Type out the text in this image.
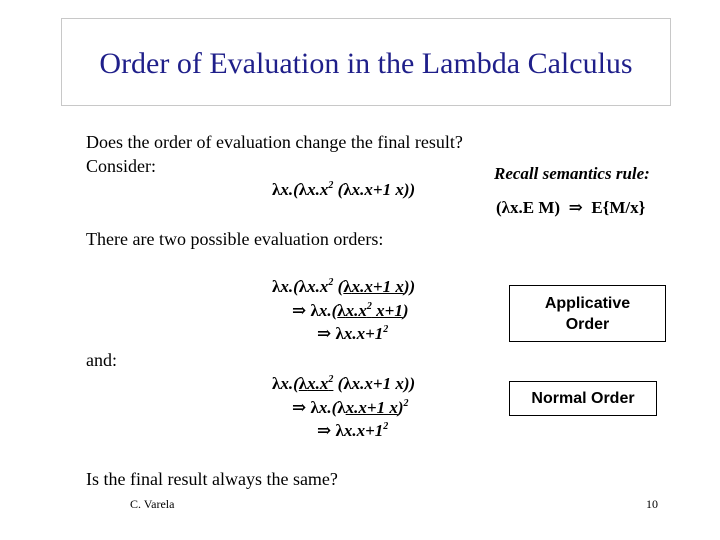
Order of Evaluation in the Lambda Calculus
Does the order of evaluation change the final result?
Consider:
$\lambda x.(\lambda x.x^2$ (λx.x+1 x))
Recall semantics rule:
(λx.E M) ⇒ E{M/x}
There are two possible evaluation orders:
$\lambda x.(\lambda x.x^2$ (λx.x+1 x))
⇒ $\lambda x.(\lambda x.x^2$ x+1)
⇒ $\lambda x.x+1^2$
Applicative Order
and:
$\lambda x.(\lambda x.x^2$ (λx.x+1 x))
⇒ λx.(λx.x+1 x)$^2$
⇒ $\lambda x.x+1^2$
Normal Order
Is the final result always the same?
C. Varela	10
